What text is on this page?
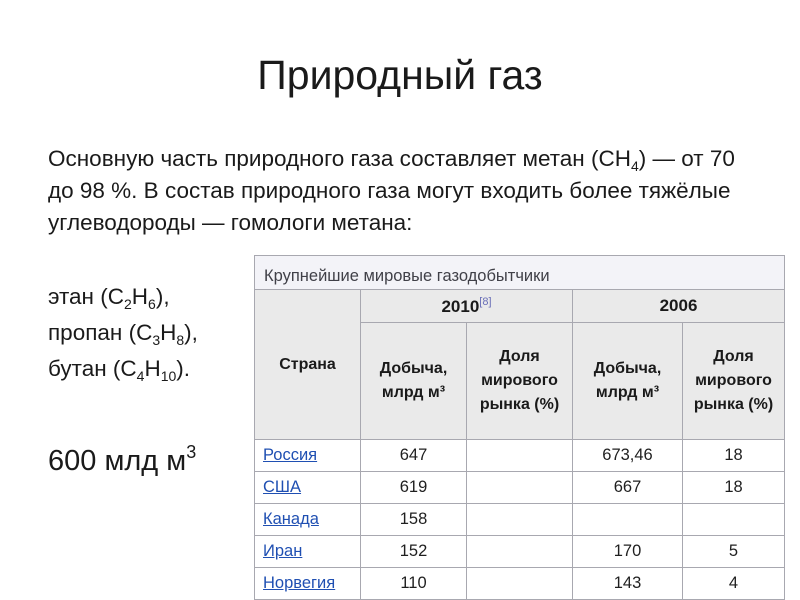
Природный газ
Основную часть природного газа составляет метан $(CH_4)$ — от 70 до 98 %. В состав природного газа могут входить более тяжёлые углеводороды — гомологи метана:
этан $(C_2H_6)$,
пропан $(C_3H_8)$,
бутан $(C_4H_{10})$.
600 млд $м^3$
Крупнейшие мировые газодобытчики				
Страна	2010[8]		2006	
	Добыча, млрд м³	Доля мирового рынка (%)	Добыча, млрд м³	Доля мирового рынка (%)
Россия	647		673,46	18
США	619		667	18
Канада	158			
Иран	152		170	5
Норвегия	110		143	4
